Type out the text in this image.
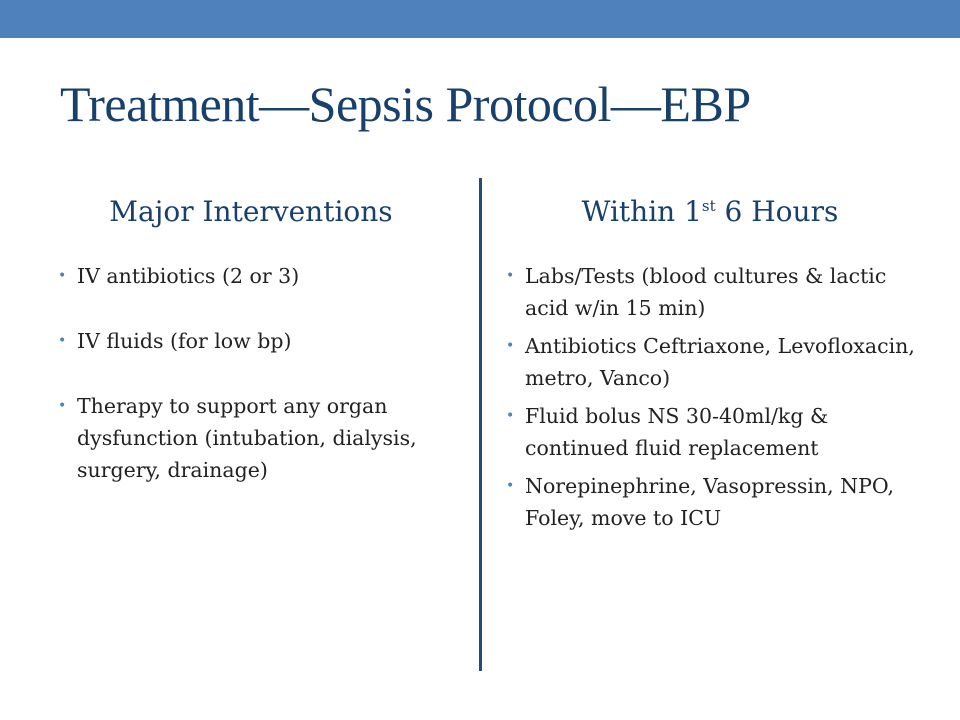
Treatment—Sepsis Protocol—EBP
Major Interventions
• IV antibiotics (2 or 3)
• IV fluids (for low bp)
• Therapy to support any organ dysfunction (intubation, dialysis, surgery, drainage)
Within 1st 6 Hours
• Labs/Tests (blood cultures & lactic acid w/in 15 min)
• Antibiotics Ceftriaxone, Levofloxacin, metro, Vanco)
• Fluid bolus NS 30-40ml/kg & continued fluid replacement
• Norepinephrine, Vasopressin, NPO, Foley, move to ICU
